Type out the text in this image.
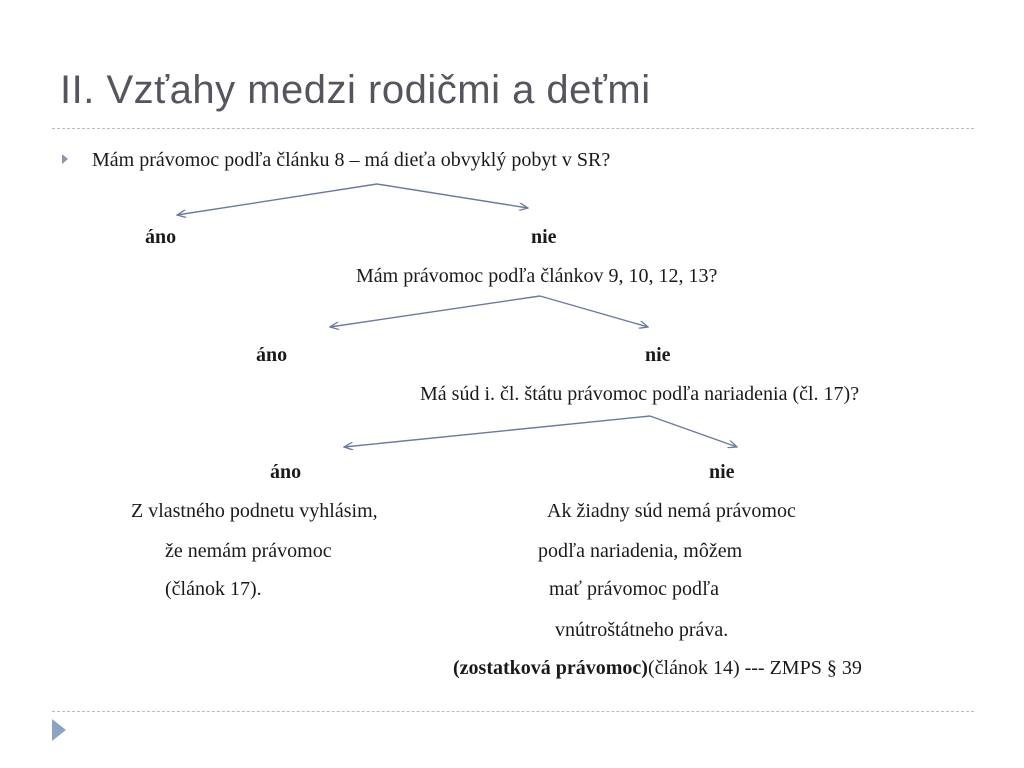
II. Vzťahy medzi rodičmi a deťmi
Mám právomoc podľa článku 8 – má dieťa obvyklý pobyt v SR?
áno	nie
Mám právomoc podľa článkov 9, 10, 12, 13?
áno	nie
Má súd i. čl. štátu právomoc podľa nariadenia (čl. 17)?
áno	nie
Z vlastného podnetu vyhlásim,
že nemám právomoc
(článok 17).
Ak žiadny súd nemá právomoc
podľa nariadenia, môžem
mať právomoc podľa
vnútroštátneho práva.
(zostatková právomoc)(článok 14) --- ZMPS § 39
